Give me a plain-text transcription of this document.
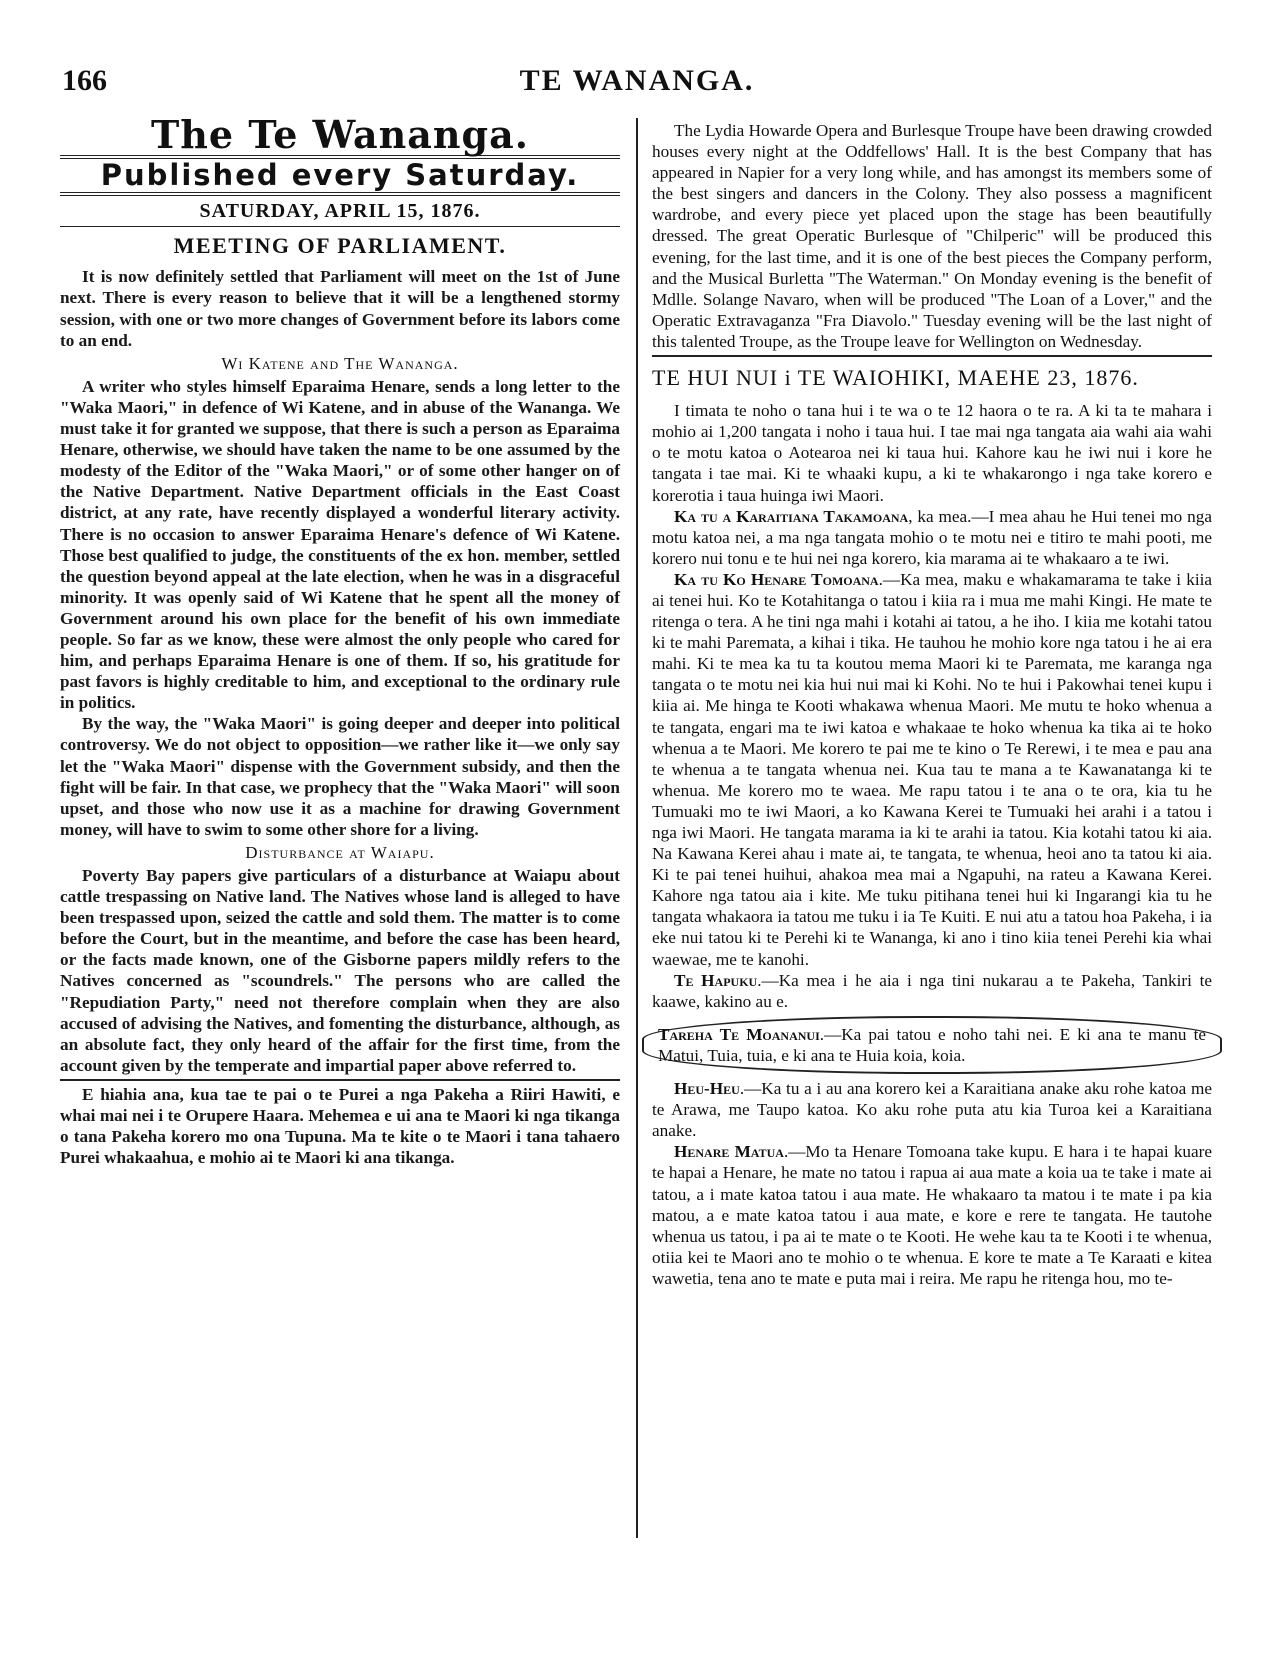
166	TE WANANGA.
The Te Wananga.
Published every Saturday.
SATURDAY, APRIL 15, 1876.
MEETING OF PARLIAMENT.

It is now definitely settled that Parliament will meet on the 1st of June next. There is every reason to believe that it will be a lengthened stormy session, with one or two more changes of Government before its labors come to an end.

Wi Katene and The Wananga.

A writer who styles himself Eparaima Henare, sends a long letter to the "Waka Maori," in defence of Wi Katene, and in abuse of the Wananga. We must take it for granted we suppose, that there is such a person as Eparaima Henare, otherwise, we should have taken the name to be one assumed by the modesty of the Editor of the "Waka Maori," or of some other hanger on of the Native Department. Native Department officials in the East Coast district, at any rate, have recently displayed a wonderful literary activity. There is no occasion to answer Eparaima Henare's defence of Wi Katene. Those best qualified to judge, the constituents of the ex hon. member, settled the question beyond appeal at the late election, when he was in a disgraceful minority. It was openly said of Wi Katene that he spent all the money of Government around his own place for the benefit of his own immediate people. So far as we know, these were almost the only people who cared for him, and perhaps Eparaima Henare is one of them. If so, his gratitude for past favors is highly creditable to him, and exceptional to the ordinary rule in politics.

By the way, the "Waka Maori" is going deeper and deeper into political controversy. We do not object to opposition—we rather like it—we only say let the "Waka Maori" dispense with the Government subsidy, and then the fight will be fair. In that case, we prophecy that the "Waka Maori" will soon upset, and those who now use it as a machine for drawing Government money, will have to swim to some other shore for a living.

Disturbance at Waiapu.

Poverty Bay papers give particulars of a disturbance at Waiapu about cattle trespassing on Native land. The Natives whose land is alleged to have been trespassed upon, seized the cattle and sold them. The matter is to come before the Court, but in the meantime, and before the case has been heard, or the facts made known, one of the Gisborne papers mildly refers to the Natives concerned as "scoundrels." The persons who are called the "Repudiation Party," need not therefore complain when they are also accused of advising the Natives, and fomenting the disturbance, although, as an absolute fact, they only heard of the affair for the first time, from the account given by the temperate and impartial paper above referred to.

E hiahia ana, kua tae te pai o te Purei a nga Pakeha a Riiri Hawiti, e whai mai nei i te Orupere Haara. Mehemea e ui ana te Maori ki nga tikanga o tana Pakeha korero mo ona Tupuna. Ma te kite o te Maori i tana tahaero Purei whakaahua, e mohio ai te Maori ki ana tikanga.

The Lydia Howarde Opera and Burlesque Troupe have been drawing crowded houses every night at the Oddfellows' Hall. It is the best Company that has appeared in Napier for a very long while, and has amongst its members some of the best singers and dancers in the Colony. They also possess a magnificent wardrobe, and every piece yet placed upon the stage has been beautifully dressed. The great Operatic Burlesque of "Chilperic" will be produced this evening, for the last time, and it is one of the best pieces the Company perform, and the Musical Burletta "The Waterman." On Monday evening is the benefit of Mdlle. Solange Navaro, when will be produced "The Loan of a Lover," and the Operatic Extravaganza "Fra Diavolo." Tuesday evening will be the last night of this talented Troupe, as the Troupe leave for Wellington on Wednesday.

TE HUI NUI i TE WAIOHIKI, MAEHE 23, 1876.

I timata te noho o tana hui i te wa o te 12 haora o te ra. A ki ta te mahara i mohio ai 1,200 tangata i noho i taua hui. I tae mai nga tangata aia wahi aia wahi o te motu katoa o Aotearoa nei ki taua hui. Kahore kau he iwi nui i kore he tangata i tae mai. Ki te whaaki kupu, a ki te whakarongo i nga take korero e korerotia i taua huinga iwi Maori.

Ka tu a Karaitiana Takamoana, ka mea.—I mea ahau he Hui tenei mo nga motu katoa nei, a ma nga tangata mohio o te motu nei e titiro te mahi pooti, me korero nui tonu e te hui nei nga korero, kia marama ai te whakaaro a te iwi.

Ka tu Ko Henare Tomoana.—Ka mea, maku e whakamarama te take i kiia ai tenei hui. Ko te Kotahitanga o tatou i kiia ra i mua me mahi Kingi. He mate te ritenga o tera. A he tini nga mahi i kotahi ai tatou, a he iho. I kiia me kotahi tatou ki te mahi Paremata, a kihai i tika. He tauhou he mohio kore nga tatou i he ai era mahi. Ki te mea ka tu ta koutou mema Maori ki te Paremata, me karanga nga tangata o te motu nei kia hui nui mai ki Kohi. No te hui i Pakowhai tenei kupu i kiia ai. Me hinga te Kooti whakawa whenua Maori. Me mutu te hoko whenua a te tangata, engari ma te iwi katoa e whakaae te hoko whenua ka tika ai te hoko whenua a te Maori. Me korero te pai me te kino o Te Rerewi, i te mea e pau ana te whenua a te tangata whenua nei. Kua tau te mana a te Kawanatanga ki te whenua. Me korero mo te waea. Me rapu tatou i te ana o te ora, kia tu he Tumuaki mo te iwi Maori, a ko Kawana Kerei te Tumuaki hei arahi i a tatou i nga iwi Maori. He tangata marama ia ki te arahi ia tatou. Kia kotahi tatou ki aia. Na Kawana Kerei ahau i mate ai, te tangata, te whenua, heoi ano ta tatou ki aia. Ki te pai tenei huihui, ahakoa mea mai a Ngapuhi, na rateu a Kawana Kerei. Kahore nga tatou aia i kite. Me tuku pitihana tenei hui ki Ingarangi kia tu he tangata whakaora ia tatou me tuku i ia Te Kuiti. E nui atu a tatou hoa Pakeha, i ia eke nui tatou ki te Perehi ki te Wananga, ki ano i tino kiia tenei Perehi kia whai waewae, me te kanohi.

Te Hapuku.—Ka mea i he aia i nga tini nukarau a te Pakeha, Tankiri te kaawe, kakino au e.

Tareha Te Moananui.—Ka pai tatou e noho tahi nei. E ki ana te manu te Matui, Tuia, tuia, e ki ana te Huia koia, koia.

Heu-Heu.—Ka tu a i au ana korero kei a Karaitiana anake aku rohe katoa me te Arawa, me Taupo katoa. Ko aku rohe puta atu kia Turoa kei a Karaitiana anake.

Henare Matua.—Mo ta Henare Tomoana take kupu. E hara i te hapai kuare te hapai a Henare, he mate no tatou i rapua ai aua mate a koia ua te take i mate ai tatou, a i mate katoa tatou i aua mate. He whakaaro ta matou i te mate i pa kia matou, a e mate katoa tatou i aua mate, e kore e rere te tangata. He tautohe whenua us tatou, i pa ai te mate o te Kooti. He wehe kau ta te Kooti i te whenua, otiia kei te Maori ano te mohio o te whenua. E kore te mate a Te Karaati e kitea wawetia, tena ano te mate e puta mai i reira. Me rapu he ritenga hou, mo te-
